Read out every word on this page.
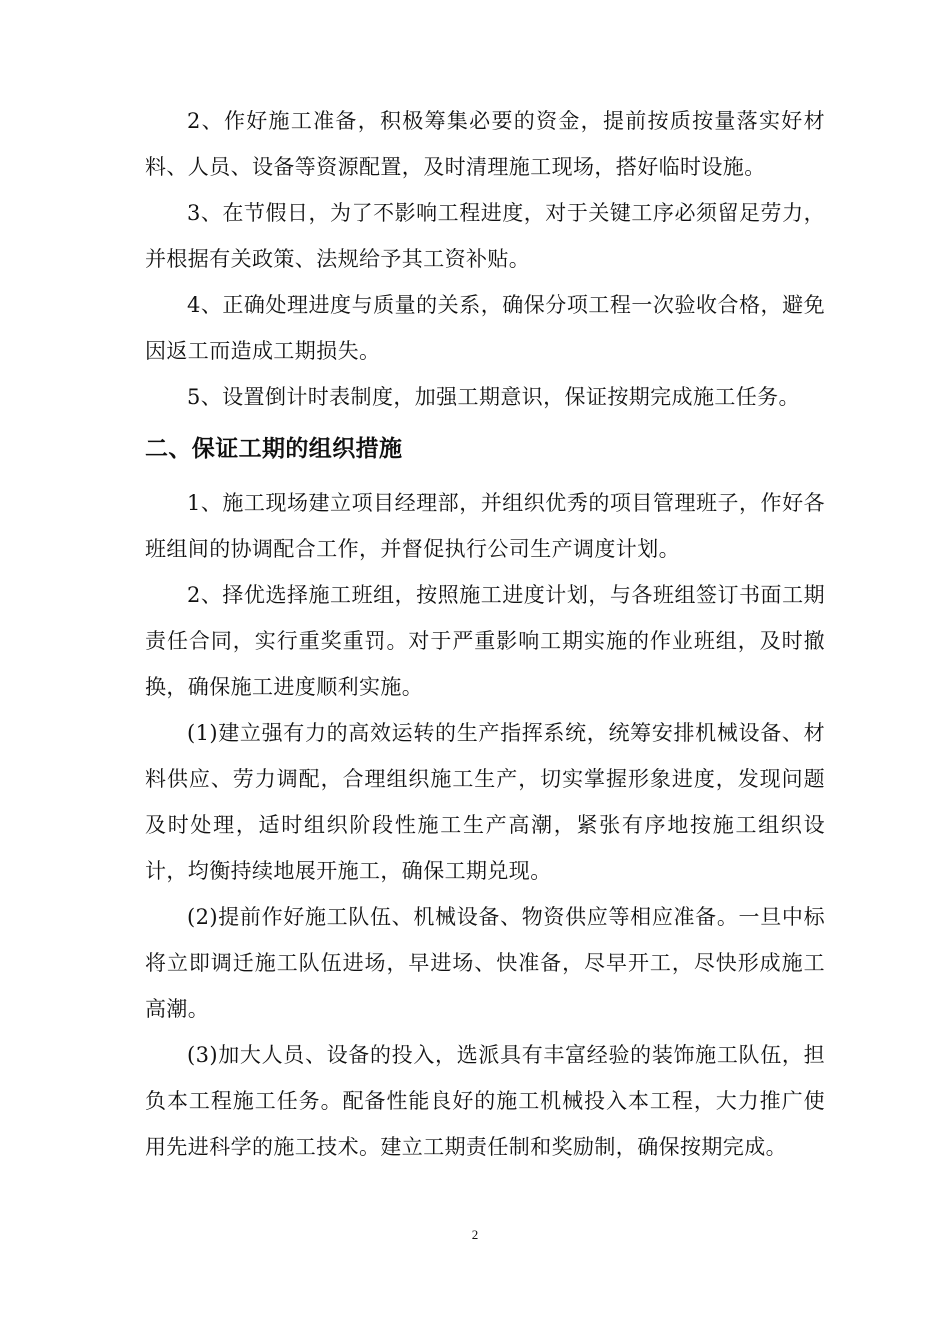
2、作好施工准备，积极筹集必要的资金，提前按质按量落实好材料、人员、设备等资源配置，及时清理施工现场，搭好临时设施。

3、在节假日，为了不影响工程进度，对于关键工序必须留足劳力，并根据有关政策、法规给予其工资补贴。

4、正确处理进度与质量的关系，确保分项工程一次验收合格，避免因返工而造成工期损失。

5、设置倒计时表制度，加强工期意识，保证按期完成施工任务。

二、保证工期的组织措施

1、施工现场建立项目经理部，并组织优秀的项目管理班子，作好各班组间的协调配合工作，并督促执行公司生产调度计划。

2、择优选择施工班组，按照施工进度计划，与各班组签订书面工期责任合同，实行重奖重罚。对于严重影响工期实施的作业班组，及时撤换，确保施工进度顺利实施。

(1)建立强有力的高效运转的生产指挥系统，统筹安排机械设备、材料供应、劳力调配，合理组织施工生产，切实掌握形象进度，发现问题及时处理，适时组织阶段性施工生产高潮，紧张有序地按施工组织设计，均衡持续地展开施工，确保工期兑现。

(2)提前作好施工队伍、机械设备、物资供应等相应准备。一旦中标将立即调迁施工队伍进场，早进场、快准备，尽早开工，尽快形成施工高潮。

(3)加大人员、设备的投入，选派具有丰富经验的装饰施工队伍，担负本工程施工任务。配备性能良好的施工机械投入本工程，大力推广使用先进科学的施工技术。建立工期责任制和奖励制，确保按期完成。

2
